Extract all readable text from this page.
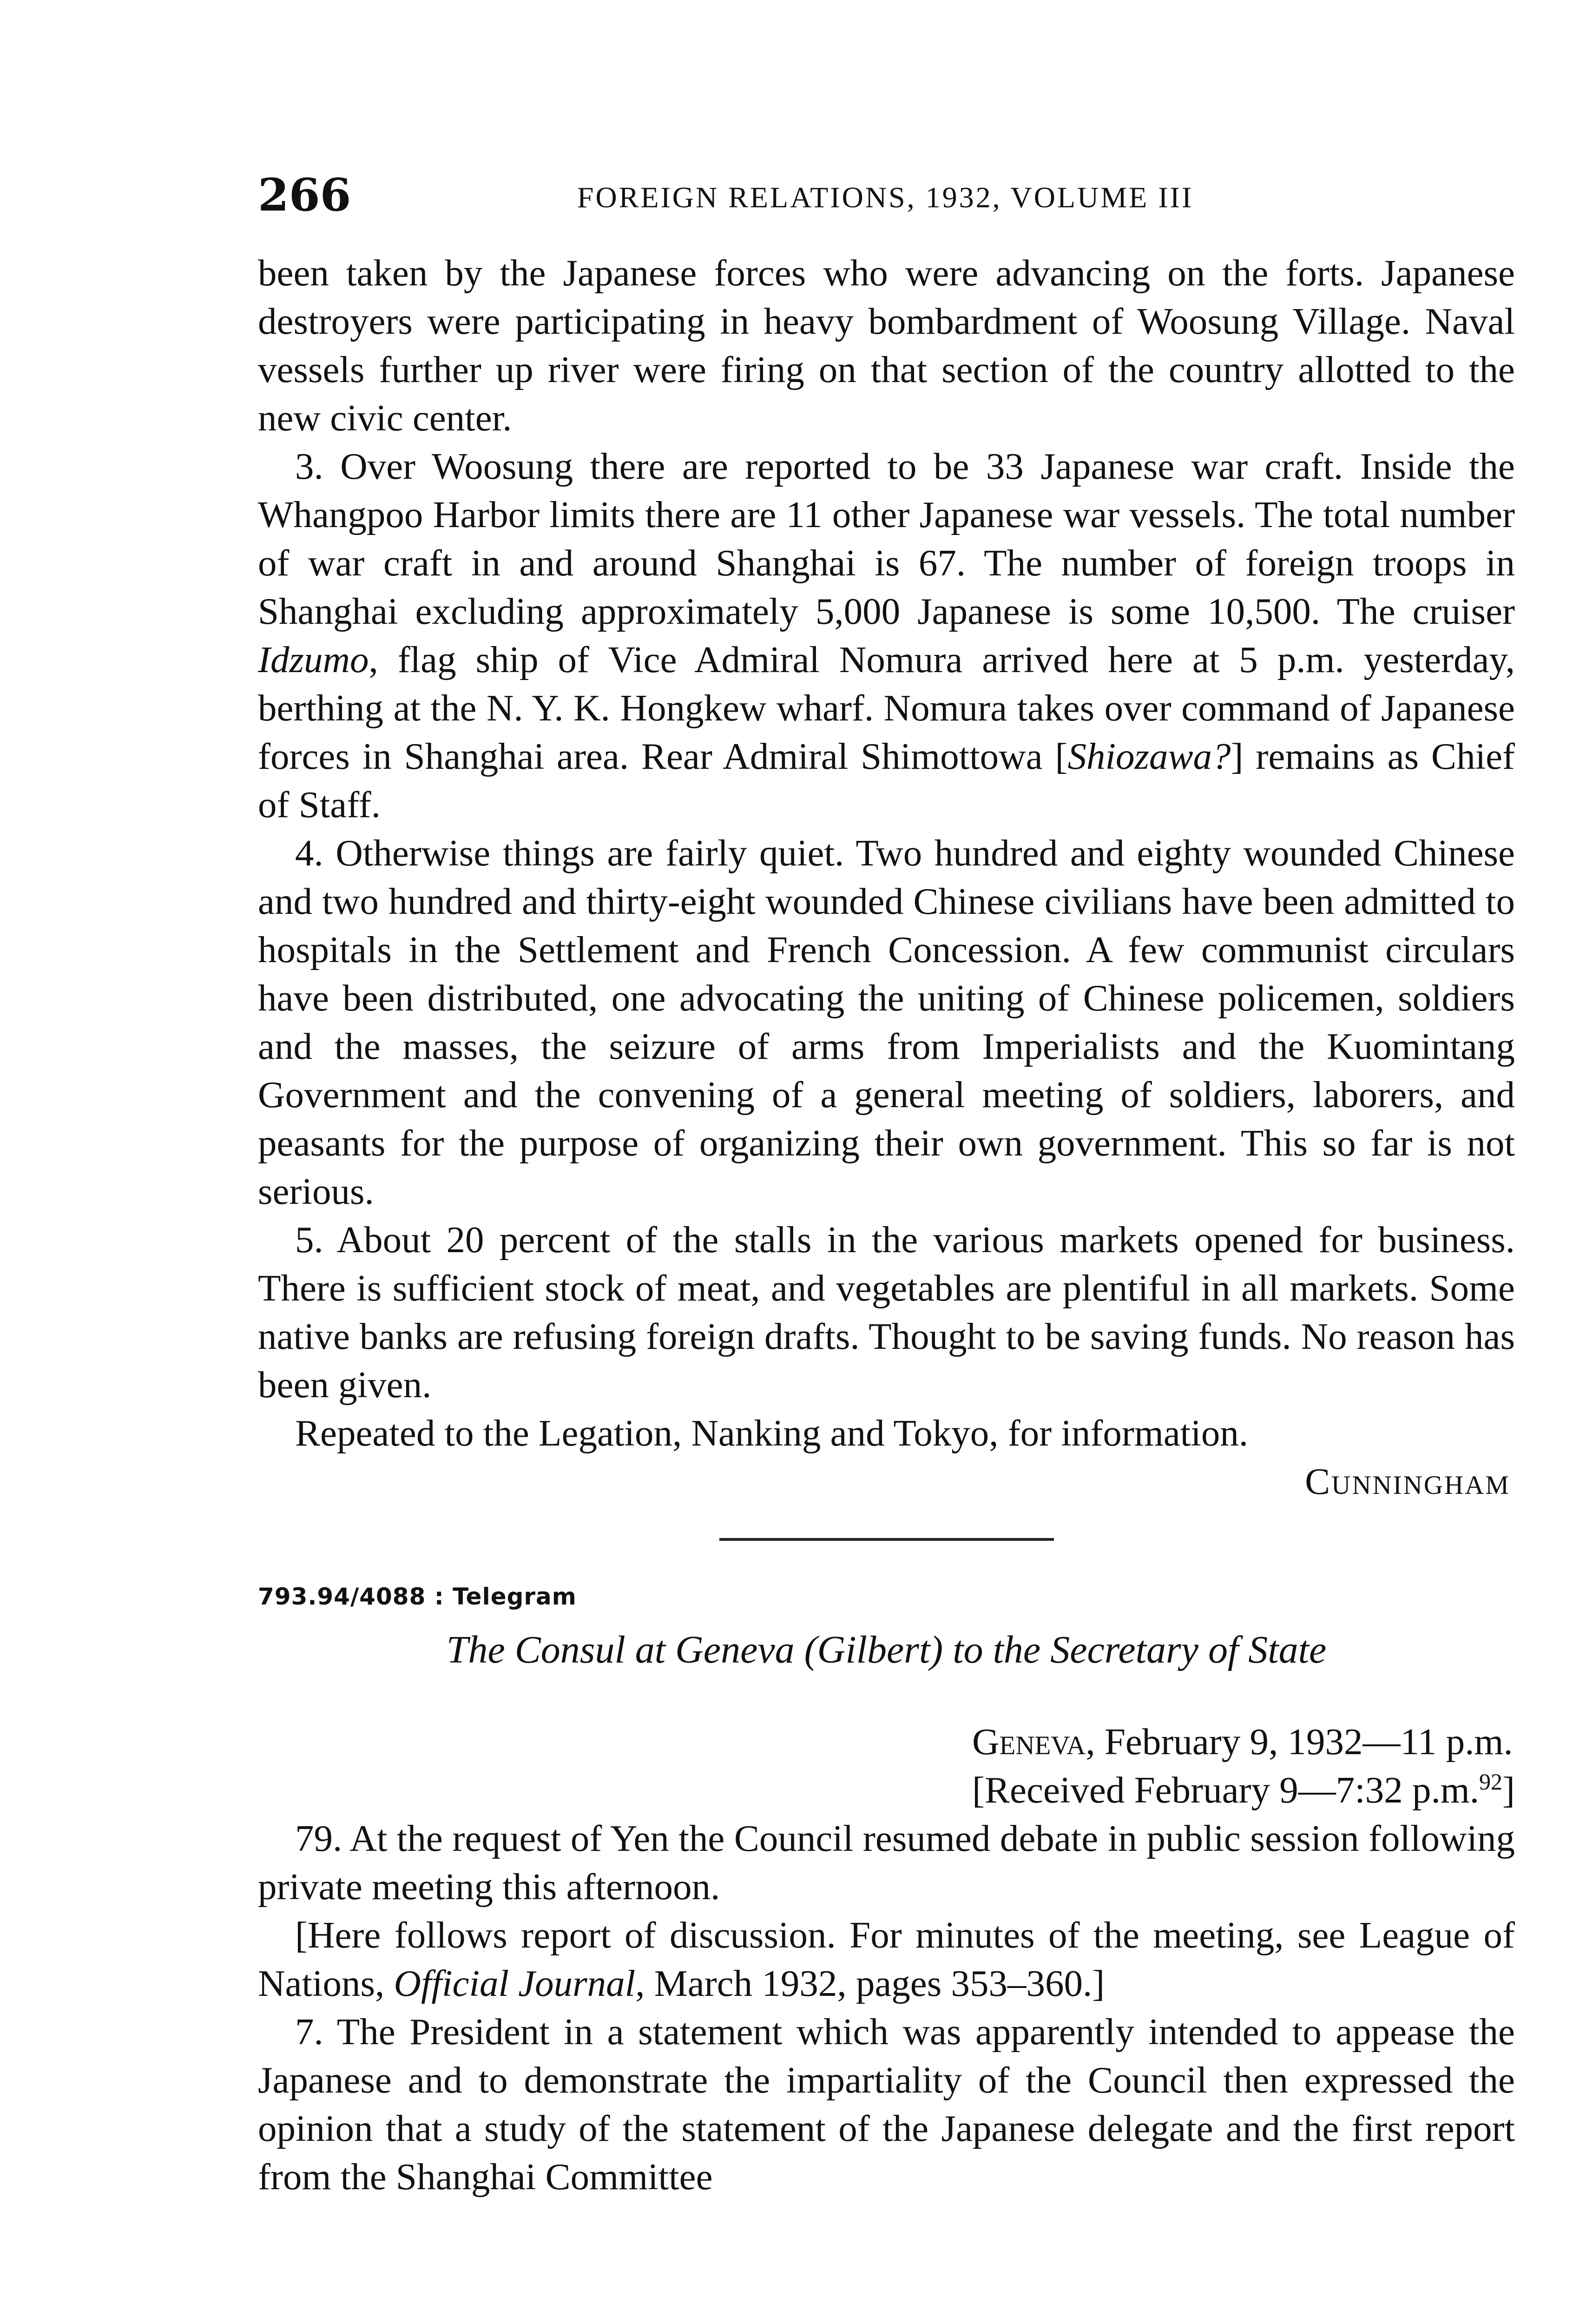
266	FOREIGN RELATIONS, 1932, VOLUME III

been taken by the Japanese forces who were advancing on the forts. Japanese destroyers were participating in heavy bombardment of Woosung Village. Naval vessels further up river were firing on that section of the country allotted to the new civic center.

3. Over Woosung there are reported to be 33 Japanese war craft. Inside the Whangpoo Harbor limits there are 11 other Japanese war vessels. The total number of war craft in and around Shanghai is 67. The number of foreign troops in Shanghai excluding approximately 5,000 Japanese is some 10,500. The cruiser Idzumo, flag ship of Vice Admiral Nomura arrived here at 5 p.m. yesterday, berthing at the N. Y. K. Hongkew wharf. Nomura takes over command of Japanese forces in Shanghai area. Rear Admiral Shimottowa [Shiozawa?] remains as Chief of Staff.

4. Otherwise things are fairly quiet. Two hundred and eighty wounded Chinese and two hundred and thirty-eight wounded Chinese civilians have been admitted to hospitals in the Settlement and French Concession. A few communist circulars have been distributed, one advocating the uniting of Chinese policemen, soldiers and the masses, the seizure of arms from Imperialists and the Kuomintang Government and the convening of a general meeting of soldiers, laborers, and peasants for the purpose of organizing their own government. This so far is not serious.

5. About 20 percent of the stalls in the various markets opened for business. There is sufficient stock of meat, and vegetables are plentiful in all markets. Some native banks are refusing foreign drafts. Thought to be saving funds. No reason has been given.

Repeated to the Legation, Nanking and Tokyo, for information.

Cunningham
793.94/4088 : Telegram
The Consul at Geneva (Gilbert) to the Secretary of State
Geneva, February 9, 1932—11 p.m.
[Received February 9—7:32 p.m.$^{92}$]

79. At the request of Yen the Council resumed debate in public session following private meeting this afternoon.

[Here follows report of discussion. For minutes of the meeting, see League of Nations, Official Journal, March 1932, pages 353–360.]

7. The President in a statement which was apparently intended to appease the Japanese and to demonstrate the impartiality of the Council then expressed the opinion that a study of the statement of the Japanese delegate and the first report from the Shanghai Committee
